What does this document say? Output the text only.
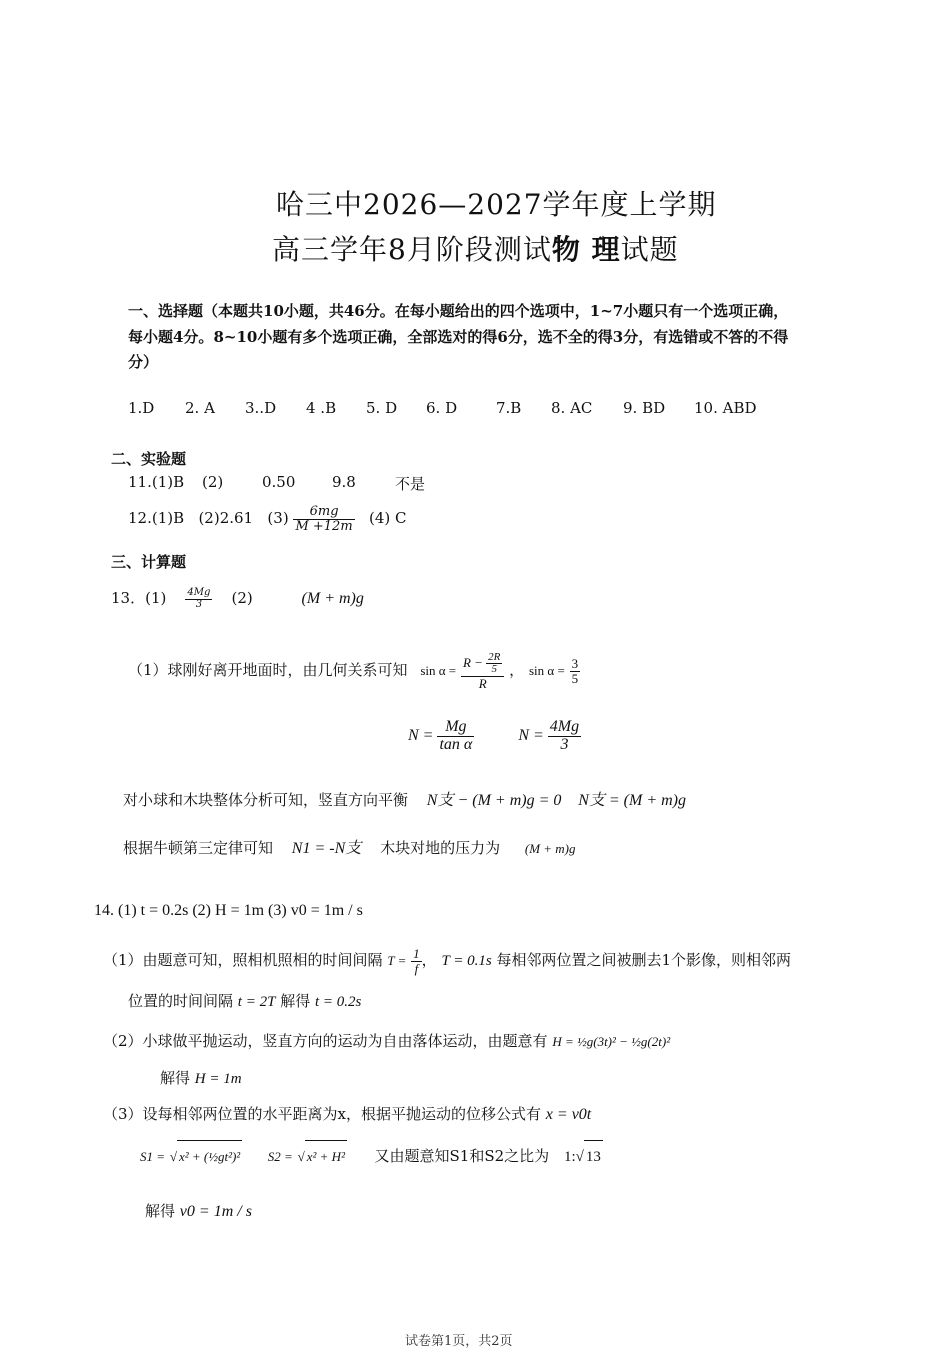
哈三中2026—2027学年度上学期
高三学年8月阶段测试物 理试题
一、选择题（本题共10小题，共46分。在每小题给出的四个选项中，1~7小题只有一个选项正确，
每小题4分。8~10小题有多个选项正确，全部选对的得6分，选不全的得3分，有选错或不答的不得
分）
1.D 2. A 3..D 4 .B 5. D 6. D	7.B 8. AC 9. BD 10. ABD
二、实验题
11.(1)B (2)	0.50 9.8	不是
12.(1)B (2)2.61 $(3) \frac{6mg}{M +12m} (4)$ C
三、计算题
13．$(1) \frac{4Mg}{3} (2)$	(M + m)g
（1）球刚好离开地面时，由几何关系可知 $\sin \alpha = \frac{R - \frac{2R}{5}}{R}$ ， $\sin \alpha = \frac{3}{5}$
$N = \frac{Mg}{\text{tan α}}$	$N = \frac{4Mg}{3}$
对小球和木块整体分析可知，竖直方向平衡 N支 − (M + m)g = 0 N支 = (M + m)g
根据牛顿第三定律可知 N1 = -N支 木块对地的压力为 (M + m)g
14. (1) t = 0.2s (2) H = 1m (3) v0 = 1m / s
（1）由题意可知，照相机照相的时间间隔 $T = \frac{1}{f}$ ， T = 0.1s 每相邻两位置之间被删去1个影像，则相邻两
位置的时间间隔 t = 2T 解得 t = 0.2s
（2）小球做平抛运动，竖直方向的运动为自由落体运动，由题意有 H = ½g(3t)² − ½g(2t)²
解得 H = 1m
（3）设每相邻两位置的水平距离为x，根据平抛运动的位移公式有 x = v0t
S1 = √ x² + (½gt²)² S2 = √ x² + H² 又由题意知S1和S2之比为 1:√ 13
解得 v0 = 1m / s
试卷第1页，共2页
